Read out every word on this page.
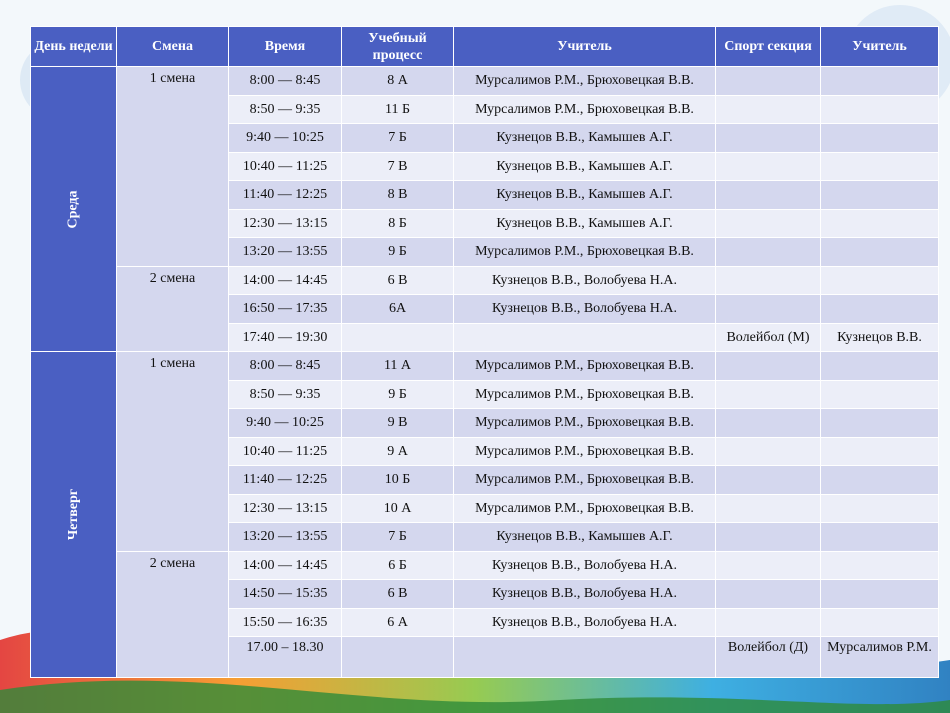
День недели	Смена	Время	Учебный процесс	Учитель	Спорт секция	Учитель
Среда	1 смена	8:00 — 8:45	8 А	Мурсалимов Р.М., Брюховецкая В.В.		
		8:50 — 9:35	11 Б	Мурсалимов Р.М., Брюховецкая В.В.		
		9:40 — 10:25	7 Б	Кузнецов В.В., Камышев А.Г.		
		10:40 — 11:25	7 В	Кузнецов В.В., Камышев А.Г.		
		11:40 — 12:25	8 В	Кузнецов В.В., Камышев А.Г.		
		12:30 — 13:15	8 Б	Кузнецов В.В., Камышев А.Г.		
		13:20 — 13:55	9 Б	Мурсалимов Р.М., Брюховецкая В.В.		
	2 смена	14:00 — 14:45	6 В	Кузнецов В.В., Волобуева Н.А.		
		16:50 — 17:35	6А	Кузнецов В.В., Волобуева Н.А.		
		17:40 — 19:30			Волейбол (М)	Кузнецов В.В.
Четверг	1 смена	8:00 — 8:45	11 А	Мурсалимов Р.М., Брюховецкая В.В.		
		8:50 — 9:35	9 Б	Мурсалимов Р.М., Брюховецкая В.В.		
		9:40 — 10:25	9 В	Мурсалимов Р.М., Брюховецкая В.В.		
		10:40 — 11:25	9 А	Мурсалимов Р.М., Брюховецкая В.В.		
		11:40 — 12:25	10 Б	Мурсалимов Р.М., Брюховецкая В.В.		
		12:30 — 13:15	10 А	Мурсалимов Р.М., Брюховецкая В.В.		
		13:20 — 13:55	7 Б	Кузнецов В.В., Камышев А.Г.		
	2 смена	14:00 — 14:45	6 Б	Кузнецов В.В., Волобуева Н.А.		
		14:50 — 15:35	6 В	Кузнецов В.В., Волобуева Н.А.		
		15:50 — 16:35	6 А	Кузнецов В.В., Волобуева Н.А.		
		17.00 – 18.30			Волейбол (Д)	Мурсалимов Р.М.
